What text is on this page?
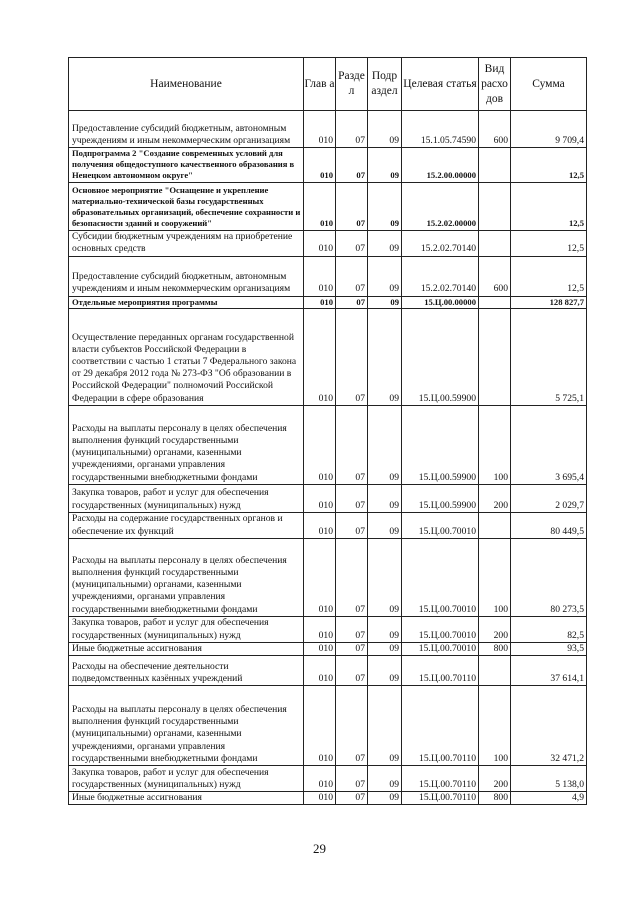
Наименование	Глав а	Разде л	Подр аздел	Целевая статья	Вид расхо дов	Сумма
Предоставление субсидий бюджетным, автономным учреждениям и иным некоммерческим организациям	010	07	09	15.1.05.74590	600	9 709,4
Подпрограмма 2 "Создание современных условий для получения общедоступного качественного образования в Ненецком автономном округе"	010	07	09	15.2.00.00000		12,5
Основное мероприятие "Оснащение и укрепление материально-технической базы государственных образовательных организаций, обеспечение сохранности и безопасности зданий и сооружений"	010	07	09	15.2.02.00000		12,5
Субсидии бюджетным учреждениям на приобретение основных средств	010	07	09	15.2.02.70140		12,5
Предоставление субсидий бюджетным, автономным учреждениям и иным некоммерческим организациям	010	07	09	15.2.02.70140	600	12,5
Отдельные мероприятия программы	010	07	09	15.Ц.00.00000		128 827,7
Осуществление переданных органам государственной власти субъектов Российской Федерации в соответствии с частью 1 статьи 7 Федерального закона от 29 декабря 2012 года № 273-ФЗ "Об образовании в Российской Федерации" полномочий Российской Федерации в сфере образования	010	07	09	15.Ц.00.59900		5 725,1
Расходы на выплаты персоналу в целях обеспечения выполнения функций государственными (муниципальными) органами, казенными учреждениями, органами управления государственными внебюджетными фондами	010	07	09	15.Ц.00.59900	100	3 695,4
Закупка товаров, работ и услуг для обеспечения государственных (муниципальных) нужд	010	07	09	15.Ц.00.59900	200	2 029,7
Расходы на содержание государственных органов и обеспечение их функций	010	07	09	15.Ц.00.70010		80 449,5
Расходы на выплаты персоналу в целях обеспечения выполнения функций государственными (муниципальными) органами, казенными учреждениями, органами управления государственными внебюджетными фондами	010	07	09	15.Ц.00.70010	100	80 273,5
Закупка товаров, работ и услуг для обеспечения государственных (муниципальных) нужд	010	07	09	15.Ц.00.70010	200	82,5
Иные бюджетные ассигнования	010	07	09	15.Ц.00.70010	800	93,5
Расходы на обеспечение деятельности подведомственных казённых учреждений	010	07	09	15.Ц.00.70110		37 614,1
Расходы на выплаты персоналу в целях обеспечения выполнения функций государственными (муниципальными) органами, казенными учреждениями, органами управления государственными внебюджетными фондами	010	07	09	15.Ц.00.70110	100	32 471,2
Закупка товаров, работ и услуг для обеспечения государственных (муниципальных) нужд	010	07	09	15.Ц.00.70110	200	5 138,0
Иные бюджетные ассигнования	010	07	09	15.Ц.00.70110	800	4,9
29
